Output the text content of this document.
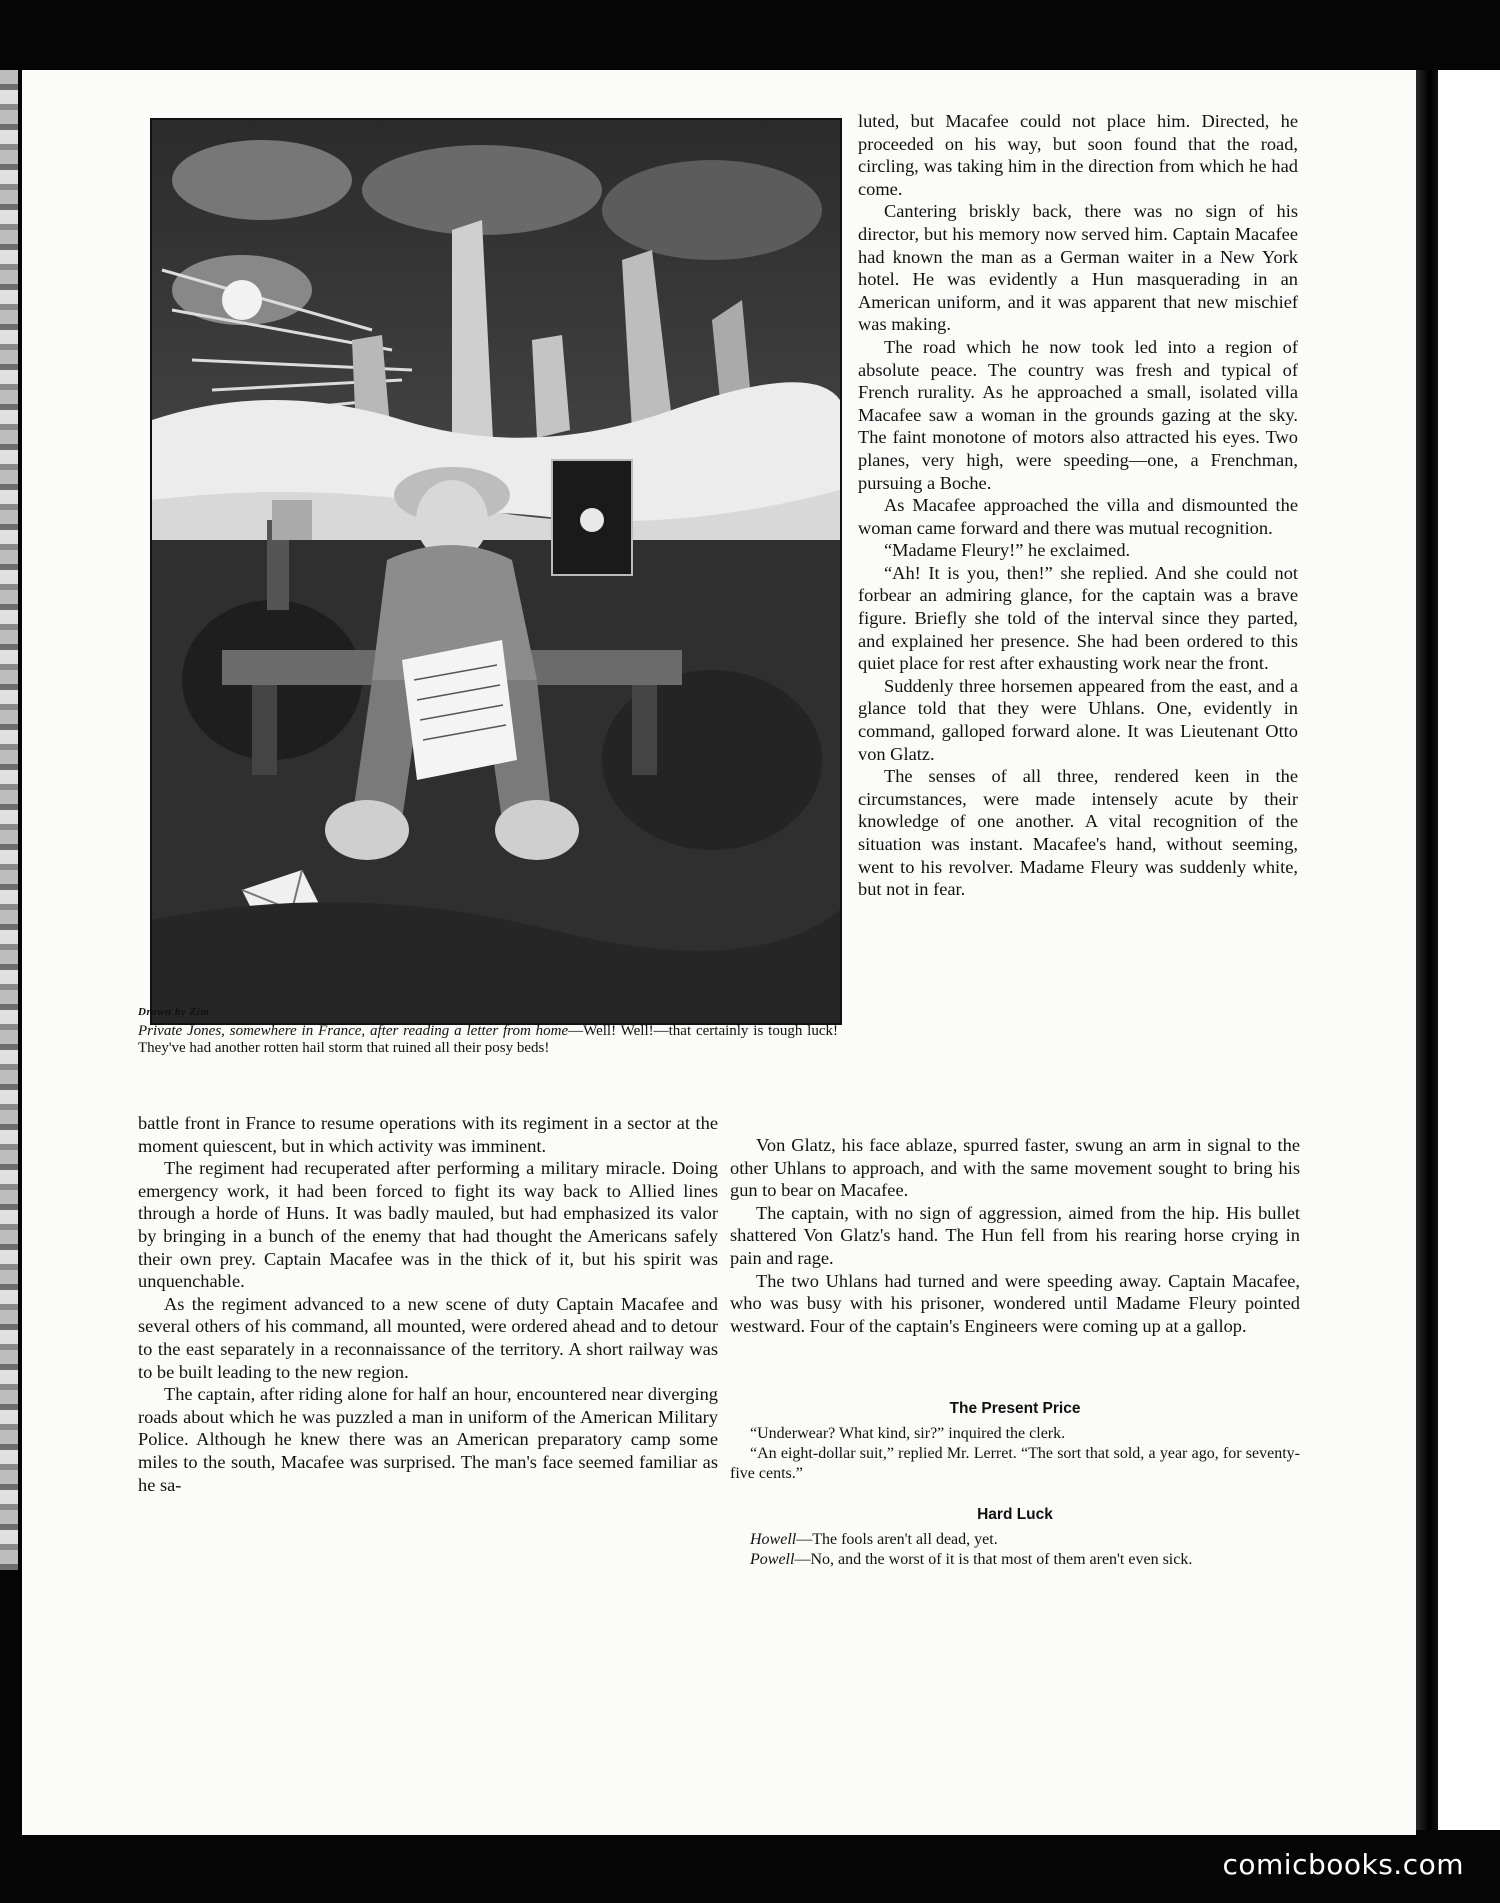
Drawn by Zim
Private Jones, somewhere in France, after reading a letter from home—Well! Well!—that certainly is tough luck! They've had another rotten hail storm that ruined all their posy beds!

battle front in France to resume operations with its regiment in a sector at the moment quiescent, but in which activity was imminent.

The regiment had recuperated after performing a military miracle. Doing emergency work, it had been forced to fight its way back to Allied lines through a horde of Huns. It was badly mauled, but had emphasized its valor by bringing in a bunch of the enemy that had thought the Americans safely their own prey. Captain Macafee was in the thick of it, but his spirit was unquenchable.

As the regiment advanced to a new scene of duty Captain Macafee and several others of his command, all mounted, were ordered ahead and to detour to the east separately in a reconnaissance of the territory. A short railway was to be built leading to the new region.

The captain, after riding alone for half an hour, encountered near diverging roads about which he was puzzled a man in uniform of the American Military Police. Although he knew there was an American preparatory camp some miles to the south, Macafee was surprised. The man's face seemed familiar as he sa-

luted, but Macafee could not place him. Directed, he proceeded on his way, but soon found that the road, circling, was taking him in the direction from which he had come.

Cantering briskly back, there was no sign of his director, but his memory now served him. Captain Macafee had known the man as a German waiter in a New York hotel. He was evidently a Hun masquerading in an American uniform, and it was apparent that new mischief was making.

The road which he now took led into a region of absolute peace. The country was fresh and typical of French rurality. As he approached a small, isolated villa Macafee saw a woman in the grounds gazing at the sky. The faint monotone of motors also attracted his eyes. Two planes, very high, were speeding—one, a Frenchman, pursuing a Boche.

As Macafee approached the villa and dismounted the woman came forward and there was mutual recognition.

“Madame Fleury!” he exclaimed.

“Ah! It is you, then!” she replied. And she could not forbear an admiring glance, for the captain was a brave figure. Briefly she told of the interval since they parted, and explained her presence. She had been ordered to this quiet place for rest after exhausting work near the front.

Suddenly three horsemen appeared from the east, and a glance told that they were Uhlans. One, evidently in command, galloped forward alone. It was Lieutenant Otto von Glatz.

The senses of all three, rendered keen in the circumstances, were made intensely acute by their knowledge of one another. A vital recognition of the situation was instant. Macafee's hand, without seeming, went to his revolver. Madame Fleury was suddenly white, but not in fear.

Von Glatz, his face ablaze, spurred faster, swung an arm in signal to the other Uhlans to approach, and with the same movement sought to bring his gun to bear on Macafee.

The captain, with no sign of aggression, aimed from the hip. His bullet shattered Von Glatz's hand. The Hun fell from his rearing horse crying in pain and rage.

The two Uhlans had turned and were speeding away. Captain Macafee, who was busy with his prisoner, wondered until Madame Fleury pointed westward. Four of the captain's Engineers were coming up at a gallop.

The Present Price

“Underwear? What kind, sir?” inquired the clerk.

“An eight-dollar suit,” replied Mr. Lerret. “The sort that sold, a year ago, for seventy-five cents.”

Hard Luck

Howell—The fools aren't all dead, yet.

Powell—No, and the worst of it is that most of them aren't even sick.

comicbooks.com
